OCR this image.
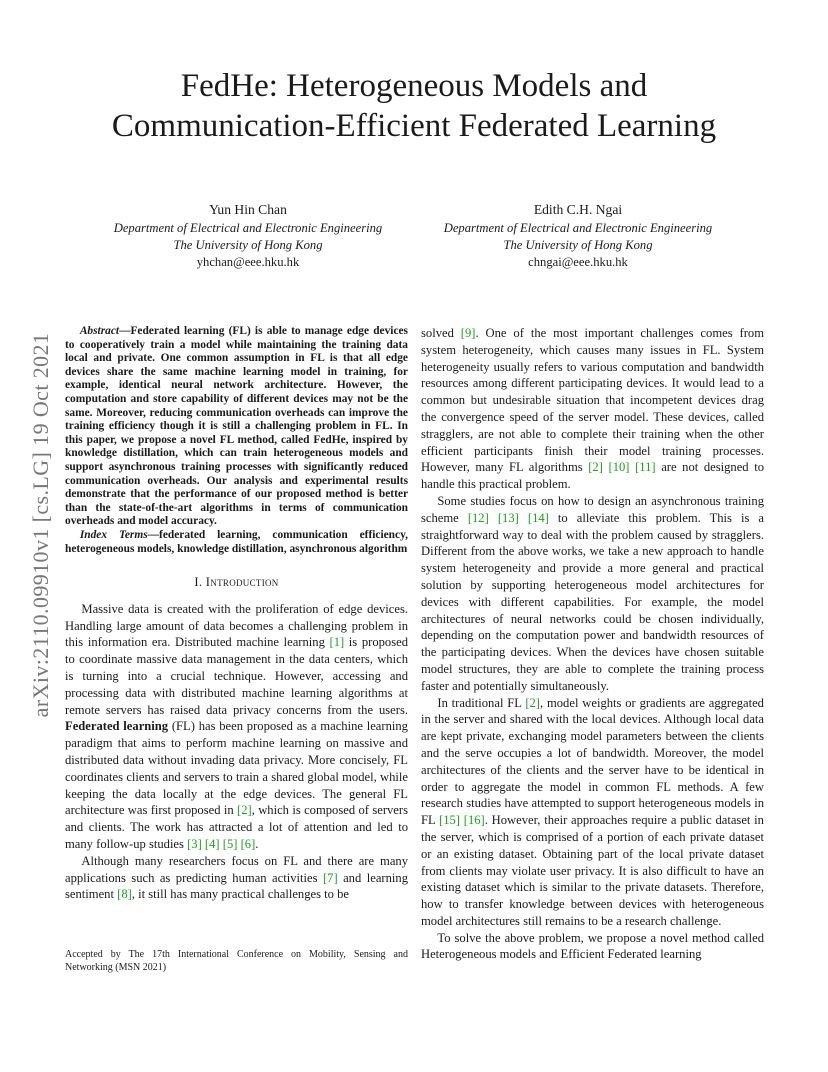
FedHe: Heterogeneous Models and
Communication-Efficient Federated Learning
Yun Hin Chan
Department of Electrical and Electronic Engineering
The University of Hong Kong
yhchan@eee.hku.hk
Edith C.H. Ngai
Department of Electrical and Electronic Engineering
The University of Hong Kong
chngai@eee.hku.hk
arXiv:2110.09910v1 [cs.LG] 19 Oct 2021

Abstract—Federated learning (FL) is able to manage edge devices to cooperatively train a model while maintaining the training data local and private. One common assumption in FL is that all edge devices share the same machine learning model in training, for example, identical neural network architecture. However, the computation and store capability of different devices may not be the same. Moreover, reducing communication overheads can improve the training efficiency though it is still a challenging problem in FL. In this paper, we propose a novel FL method, called FedHe, inspired by knowledge distillation, which can train heterogeneous models and support asynchronous training processes with significantly reduced communication overheads. Our analysis and experimental results demonstrate that the performance of our proposed method is better than the state-of-the-art algorithms in terms of communication overheads and model accuracy.

Index Terms—federated learning, communication efficiency, heterogeneous models, knowledge distillation, asynchronous algorithm

I. Introduction

Massive data is created with the proliferation of edge devices. Handling large amount of data becomes a challenging problem in this information era. Distributed machine learning [1] is proposed to coordinate massive data management in the data centers, which is turning into a crucial technique. However, accessing and processing data with distributed machine learning algorithms at remote servers has raised data privacy concerns from the users. Federated learning (FL) has been proposed as a machine learning paradigm that aims to perform machine learning on massive and distributed data without invading data privacy. More concisely, FL coordinates clients and servers to train a shared global model, while keeping the data locally at the edge devices. The general FL architecture was first proposed in [2], which is composed of servers and clients. The work has attracted a lot of attention and led to many follow-up studies [3] [4] [5] [6].

Although many researchers focus on FL and there are many applications such as predicting human activities [7] and learning sentiment [8], it still has many practical challenges to be

Accepted by The 17th International Conference on Mobility, Sensing and Networking (MSN 2021)

solved [9]. One of the most important challenges comes from system heterogeneity, which causes many issues in FL. System heterogeneity usually refers to various computation and bandwidth resources among different participating devices. It would lead to a common but undesirable situation that incompetent devices drag the convergence speed of the server model. These devices, called stragglers, are not able to complete their training when the other efficient participants finish their model training processes. However, many FL algorithms [2] [10] [11] are not designed to handle this practical problem.

Some studies focus on how to design an asynchronous training scheme [12] [13] [14] to alleviate this problem. This is a straightforward way to deal with the problem caused by stragglers. Different from the above works, we take a new approach to handle system heterogeneity and provide a more general and practical solution by supporting heterogeneous model architectures for devices with different capabilities. For example, the model architectures of neural networks could be chosen individually, depending on the computation power and bandwidth resources of the participating devices. When the devices have chosen suitable model structures, they are able to complete the training process faster and potentially simultaneously.

In traditional FL [2], model weights or gradients are aggregated in the server and shared with the local devices. Although local data are kept private, exchanging model parameters between the clients and the serve occupies a lot of bandwidth. Moreover, the model architectures of the clients and the server have to be identical in order to aggregate the model in common FL methods. A few research studies have attempted to support heterogeneous models in FL [15] [16]. However, their approaches require a public dataset in the server, which is comprised of a portion of each private dataset or an existing dataset. Obtaining part of the local private dataset from clients may violate user privacy. It is also difficult to have an existing dataset which is similar to the private datasets. Therefore, how to transfer knowledge between devices with heterogeneous model architectures still remains to be a research challenge.

To solve the above problem, we propose a novel method called Heterogeneous models and Efficient Federated learning
